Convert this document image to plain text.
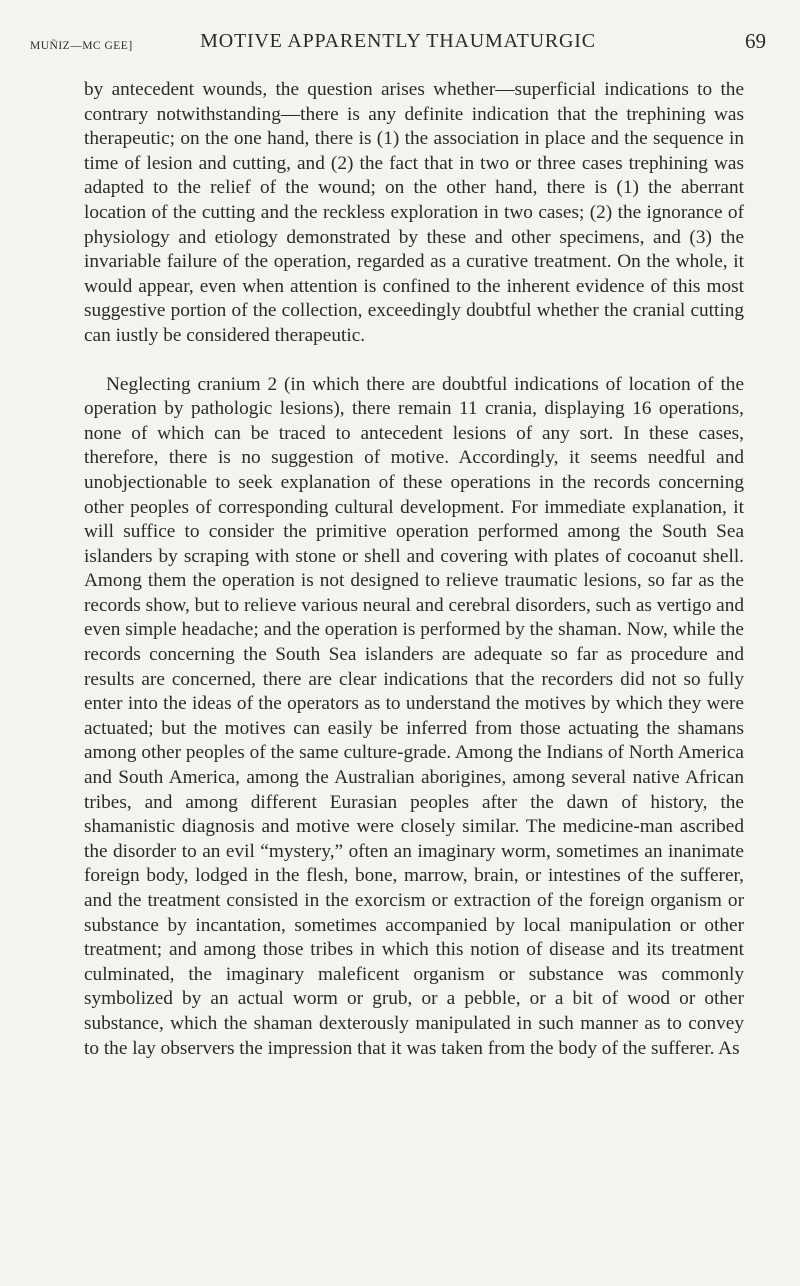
MUÑIZ—MC GEE]	MOTIVE APPARENTLY THAUMATURGIC	69

by antecedent wounds, the question arises whether—superficial indications to the contrary notwithstanding—there is any definite indication that the trephining was therapeutic; on the one hand, there is (1) the association in place and the sequence in time of lesion and cutting, and (2) the fact that in two or three cases trephining was adapted to the relief of the wound; on the other hand, there is (1) the aberrant location of the cutting and the reckless exploration in two cases; (2) the ignorance of physiology and etiology demonstrated by these and other specimens, and (3) the invariable failure of the operation, regarded as a curative treatment. On the whole, it would appear, even when attention is confined to the inherent evidence of this most suggestive portion of the collection, exceedingly doubtful whether the cranial cutting can iustly be considered therapeutic.

Neglecting cranium 2 (in which there are doubtful indications of location of the operation by pathologic lesions), there remain 11 crania, displaying 16 operations, none of which can be traced to antecedent lesions of any sort. In these cases, therefore, there is no suggestion of motive. Accordingly, it seems needful and unobjectionable to seek explanation of these operations in the records concerning other peoples of corresponding cultural development. For immediate explanation, it will suffice to consider the primitive operation performed among the South Sea islanders by scraping with stone or shell and covering with plates of cocoanut shell. Among them the operation is not designed to relieve traumatic lesions, so far as the records show, but to relieve various neural and cerebral disorders, such as vertigo and even simple headache; and the operation is performed by the shaman. Now, while the records concerning the South Sea islanders are adequate so far as procedure and results are concerned, there are clear indications that the recorders did not so fully enter into the ideas of the operators as to understand the motives by which they were actuated; but the motives can easily be inferred from those actuating the shamans among other peoples of the same culture-grade. Among the Indians of North America and South America, among the Australian aborigines, among several native African tribes, and among different Eurasian peoples after the dawn of history, the shamanistic diagnosis and motive were closely similar. The medicine-man ascribed the disorder to an evil “mystery,” often an imaginary worm, sometimes an inanimate foreign body, lodged in the flesh, bone, marrow, brain, or intestines of the sufferer, and the treatment consisted in the exorcism or extraction of the foreign organism or substance by incantation, sometimes accompanied by local manipulation or other treatment; and among those tribes in which this notion of disease and its treatment culminated, the imaginary maleficent organism or substance was commonly symbolized by an actual worm or grub, or a pebble, or a bit of wood or other substance, which the shaman dexterously manipulated in such manner as to convey to the lay observers the impression that it was taken from the body of the sufferer. As
